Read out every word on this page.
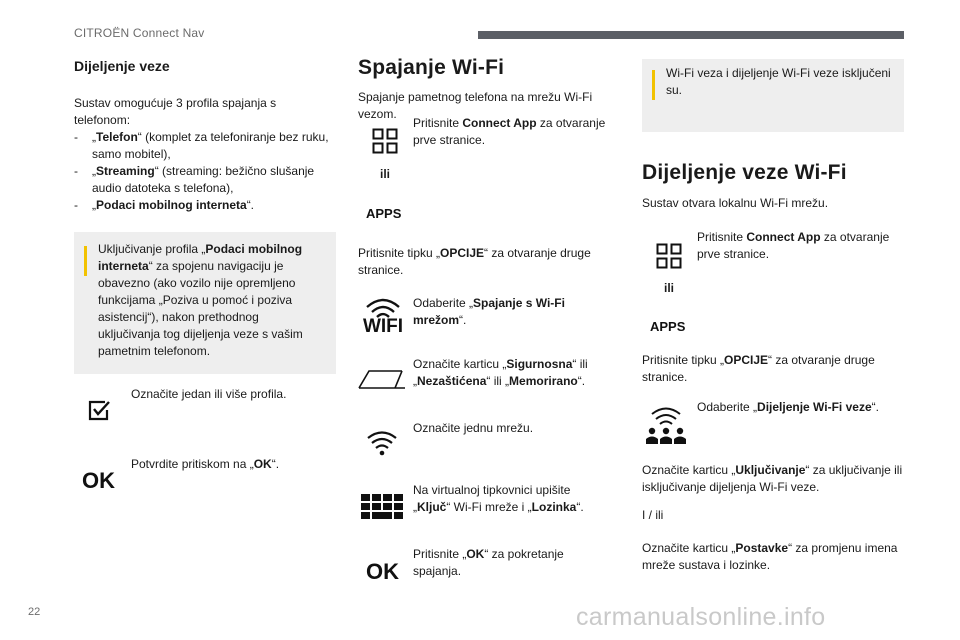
CITROËN Connect Nav
Dijeljenje veze
Sustav omogućuje 3 profila spajanja s telefonom:
- „Telefon“ (komplet za telefoniranje bez ruku, samo mobitel),
- „Streaming“ (streaming: bežično slušanje audio datoteka s telefona),
- „Podaci mobilnog interneta“.
Uključivanje profila „Podaci mobilnog interneta“ za spojenu navigaciju je obavezno (ako vozilo nije opremljeno funkcijama „Poziva u pomoć i poziva asistencij“), nakon prethodnog uključivanja tog dijeljenja veze s vašim pametnim telefonom.
Označite jedan ili više profila.
OK
Potvrdite pritiskom na „OK“.
Spajanje Wi-Fi
Spajanje pametnog telefona na mrežu Wi-Fi vezom.
Pritisnite Connect App za otvaranje prve stranice.
ili
APPS
Pritisnite tipku „OPCIJE“ za otvaranje druge stranice.
WIFI
Odaberite „Spajanje s Wi-Fi mrežom“.
Označite karticu „Sigurnosna“ ili „Nezaštićena“ ili „Memorirano“.
Označite jednu mrežu.
Na virtualnoj tipkovnici upišite „Ključ“ Wi-Fi mreže i „Lozinka“.
OK
Pritisnite „OK“ za pokretanje spajanja.
Wi-Fi veza i dijeljenje Wi-Fi veze isključeni su.
Dijeljenje veze Wi-Fi
Sustav otvara lokalnu Wi-Fi mrežu.
Pritisnite Connect App za otvaranje prve stranice.
ili
APPS
Pritisnite tipku „OPCIJE“ za otvaranje druge stranice.
Odaberite „Dijeljenje Wi-Fi veze“.
Označite karticu „Uključivanje“ za uključivanje ili isključivanje dijeljenja Wi-Fi veze.
I / ili
Označite karticu „Postavke“ za promjenu imena mreže sustava i lozinke.
22	carmanualsonline.info
